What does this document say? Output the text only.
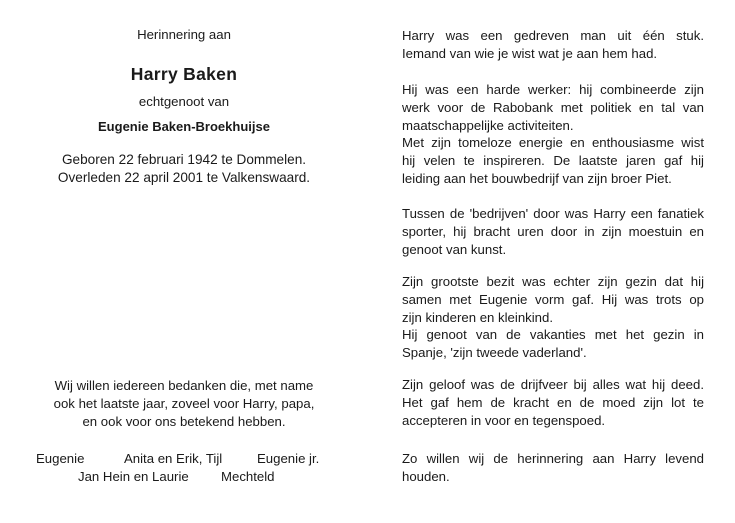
Herinnering aan
Harry Baken
echtgenoot van
Eugenie Baken-Broekhuijse
Geboren 22 februari 1942 te Dommelen.
Overleden 22 april 2001 te Valkenswaard.
Wij willen iedereen bedanken die, met name
ook het laatste jaar, zoveel voor Harry, papa,
en ook voor ons betekend hebben.
Eugenie	Anita en Erik, Tijl	Eugenie jr.
Jan Hein en Laurie Mechteld

Harry was een gedreven man uit één stuk.

Iemand van wie je wist wat je aan hem had.

Hij was een harde werker: hij combineerde zijn

werk voor de Rabobank met politiek en tal van

maatschappelijke activiteiten.

Met zijn tomeloze energie en enthousiasme wist

hij velen te inspireren. De laatste jaren gaf hij

leiding aan het bouwbedrijf van zijn broer Piet.

Tussen de 'bedrijven' door was Harry een fanatiek

sporter, hij bracht uren door in zijn moestuin en

genoot van kunst.

Zijn grootste bezit was echter zijn gezin dat hij

samen met Eugenie vorm gaf. Hij was trots op

zijn kinderen en kleinkind.

Hij genoot van de vakanties met het gezin in

Spanje, 'zijn tweede vaderland'.

Zijn geloof was de drijfveer bij alles wat hij deed.

Het gaf hem de kracht en de moed zijn lot te

accepteren in voor en tegenspoed.

Zo willen wij de herinnering aan Harry levend

houden.
